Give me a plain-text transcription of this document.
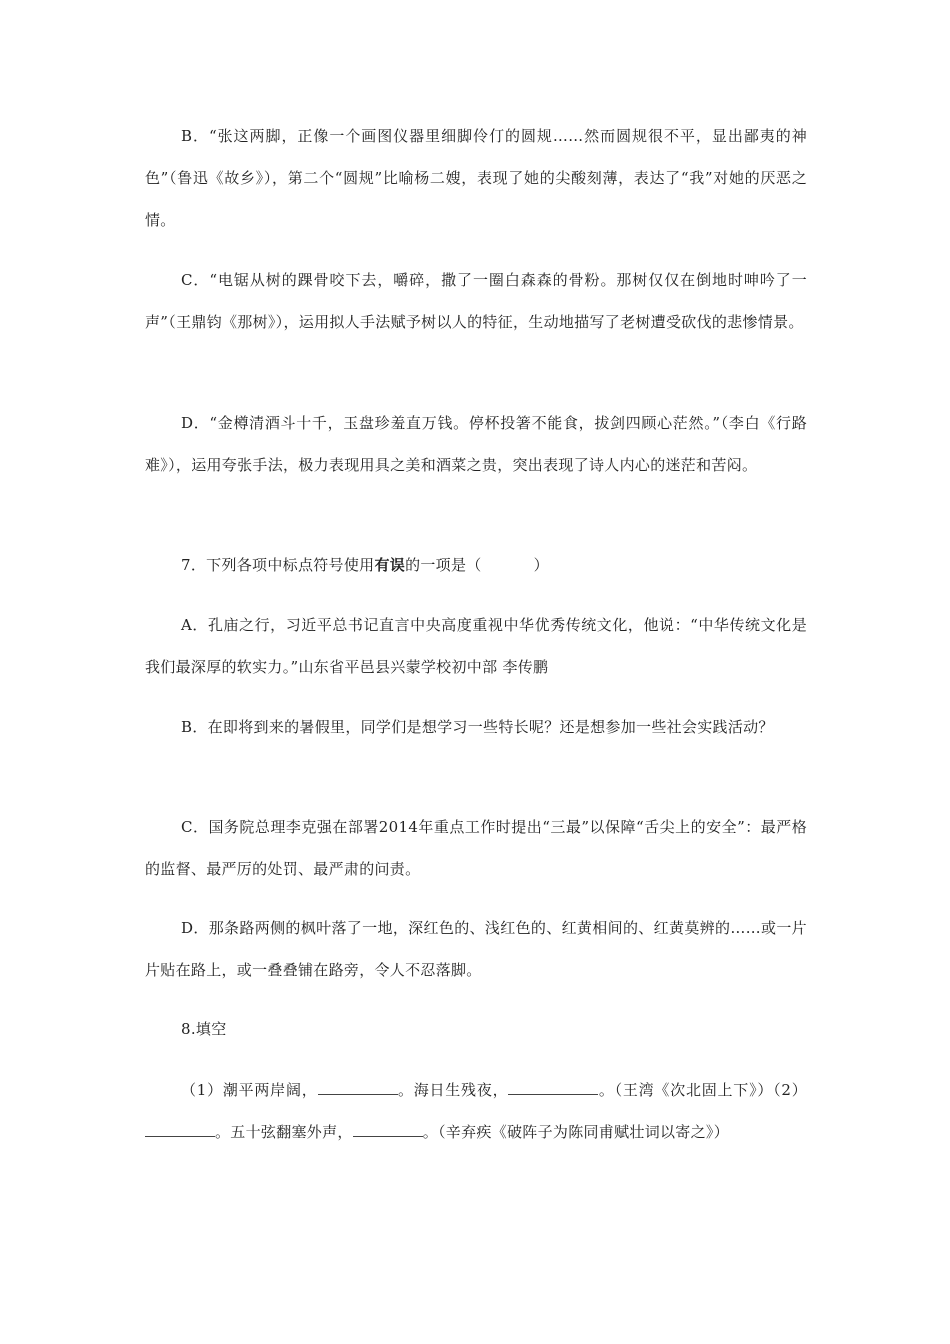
B．“张这两脚，正像一个画图仪器里细脚伶仃的圆规……然而圆规很不平，显出鄙夷的神色”（鲁迅《故乡》），第二个“圆规”比喻杨二嫂，表现了她的尖酸刻薄，表达了“我”对她的厌恶之情。

C．“电锯从树的踝骨咬下去，嚼碎，撒了一圈白森森的骨粉。那树仅仅在倒地时呻吟了一声”（王鼎钧《那树》），运用拟人手法赋予树以人的特征，生动地描写了老树遭受砍伐的悲惨情景。

D．“金樽清酒斗十千，玉盘珍羞直万钱。停杯投箸不能食，拔剑四顾心茫然。”（李白《行路难》），运用夸张手法，极力表现用具之美和酒菜之贵，突出表现了诗人内心的迷茫和苦闷。

7．下列各项中标点符号使用有误的一项是（	）

A．孔庙之行，习近平总书记直言中央高度重视中华优秀传统文化，他说：“中华传统文化是我们最深厚的软实力。”山东省平邑县兴蒙学校初中部 李传鹏

B．在即将到来的暑假里，同学们是想学习一些特长呢？还是想参加一些社会实践活动？

C．国务院总理李克强在部署2014年重点工作时提出“三最”以保障“舌尖上的安全”：最严格的监督、最严厉的处罚、最严肃的问责。

D．那条路两侧的枫叶落了一地，深红色的、浅红色的、红黄相间的、红黄莫辨的……或一片片贴在路上，或一叠叠铺在路旁，令人不忍落脚。

8.填空

（1）潮平两岸阔，	。海日生残夜，	。（王湾《次北固上下》）（2）。五十弦翻塞外声，	。（辛弃疾《破阵子为陈同甫赋壮词以寄之》）
